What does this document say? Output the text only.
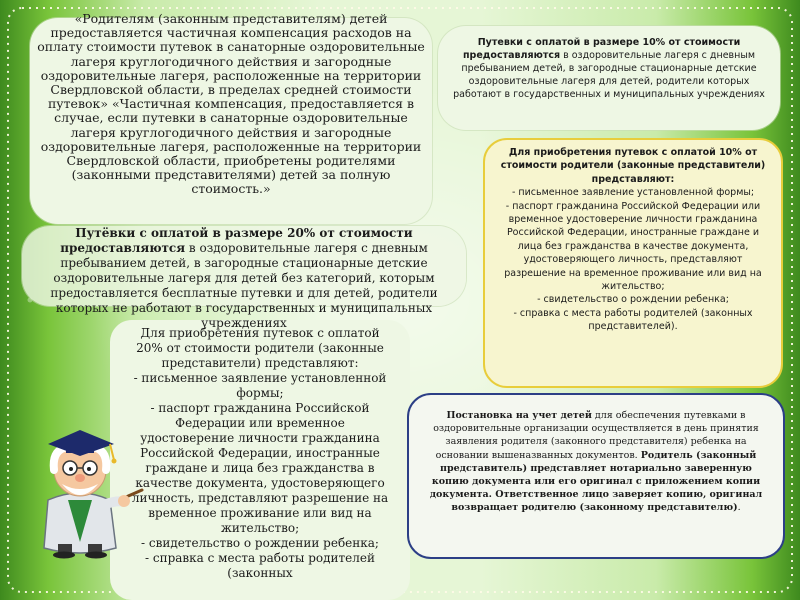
«Родителям (законным представителям) детей предоставляется частичная компенсация расходов на оплату стоимости путевок в санаторные оздоровительные лагеря круглогодичного действия и загородные оздоровительные лагеря, расположенные на территории Свердловской области, в пределах средней стоимости путевок» «Частичная компенсация, предоставляется в случае, если путевки в санаторные оздоровительные лагеря круглогодичного действия и загородные оздоровительные лагеря, расположенные на территории Свердловской области, приобретены родителями (законными представителями) детей за полную стоимость.»
Путевки с оплатой в размере 10% от стоимости предоставляются в оздоровительные лагеря с дневным пребыванием детей, в загородные стационарные детские оздоровительные лагеря для детей, родители которых работают в государственных и муниципальных учреждениях
Для приобретения путевок с оплатой 10% от стоимости родители (законные представители) представляют:
- письменное заявление установленной формы;
- паспорт гражданина Российской Федерации или временное удостоверение личности гражданина Российской Федерации, иностранные граждане и лица без гражданства в качестве документа, удостоверяющего личность, представляют разрешение на временное проживание или вид на жительство;
- свидетельство о рождении ребенка;
- справка с места работы родителей (законных представителей).
Для приобретения путевок с оплатой 20% от стоимости родители (законные представители) представляют:
- письменное заявление установленной формы;
- паспорт гражданина Российской Федерации или временное удостоверение личности гражданина Российской Федерации, иностранные граждане и лица без гражданства в качестве документа, удостоверяющего личность, представляют разрешение на временное проживание или вид на жительство;
- свидетельство о рождении ребенка;
- справка с места работы родителей (законных
Путёвки с оплатой в размере 20% от стоимости предоставляются в оздоровительные лагеря с дневным пребыванием детей, в загородные стационарные детские оздоровительные лагеря для детей без категорий, которым предоставляется бесплатные путевки и для детей, родители которых не работают в государственных и муниципальных учреждениях
Постановка на учет детей для обеспечения путевками в оздоровительные организации осуществляется в день принятия заявления родителя (законного представителя) ребенка на основании вышеназванных документов. Родитель (законный представитель) представляет нотариально заверенную копию документа или его оригинал с приложением копии документа. Ответственное лицо заверяет копию, оригинал возвращает родителю (законному представителю).
